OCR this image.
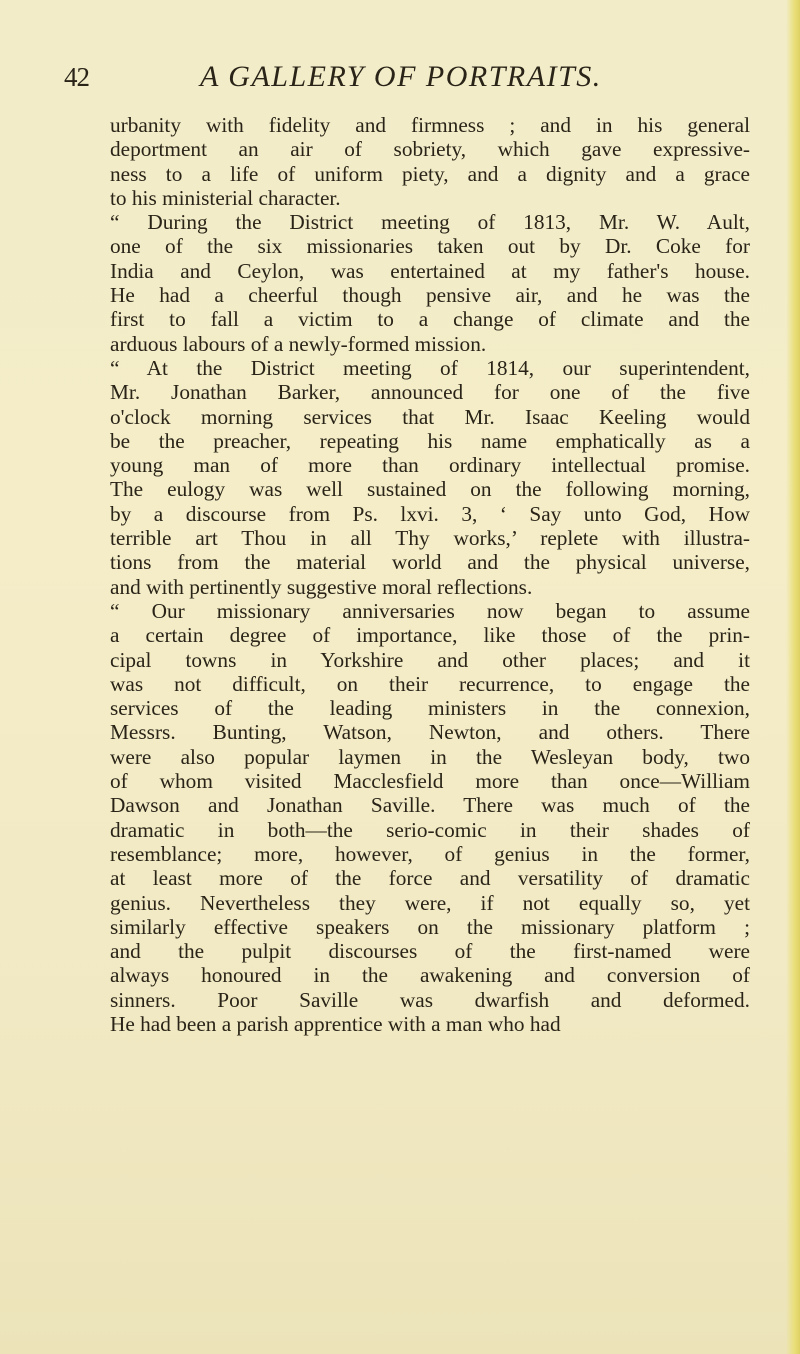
42	A GALLERY OF PORTRAITS.
urbanity with fidelity and firmness ; and in his general
deportment an air of sobriety, which gave expressive-
ness to a life of uniform piety, and a dignity and a grace
to his ministerial character.
“ During the District meeting of 1813, Mr. W. Ault,
one of the six missionaries taken out by Dr. Coke for
India and Ceylon, was entertained at my father's house.
He had a cheerful though pensive air, and he was the
first to fall a victim to a change of climate and the
arduous labours of a newly-formed mission.
“ At the District meeting of 1814, our superintendent,
Mr. Jonathan Barker, announced for one of the five
o'clock morning services that Mr. Isaac Keeling would
be the preacher, repeating his name emphatically as a
young man of more than ordinary intellectual promise.
The eulogy was well sustained on the following morning,
by a discourse from Ps. lxvi. 3, ‘ Say unto God, How
terrible art Thou in all Thy works,’ replete with illustra-
tions from the material world and the physical universe,
and with pertinently suggestive moral reflections.
“ Our missionary anniversaries now began to assume
a certain degree of importance, like those of the prin-
cipal towns in Yorkshire and other places; and it
was not difficult, on their recurrence, to engage the
services of the leading ministers in the connexion,
Messrs. Bunting, Watson, Newton, and others. There
were also popular laymen in the Wesleyan body, two
of whom visited Macclesfield more than once—William
Dawson and Jonathan Saville. There was much of the
dramatic in both—the serio-comic in their shades of
resemblance; more, however, of genius in the former,
at least more of the force and versatility of dramatic
genius. Nevertheless they were, if not equally so, yet
similarly effective speakers on the missionary platform ;
and the pulpit discourses of the first-named were
always honoured in the awakening and conversion of
sinners. Poor Saville was dwarfish and deformed.
He had been a parish apprentice with a man who had
